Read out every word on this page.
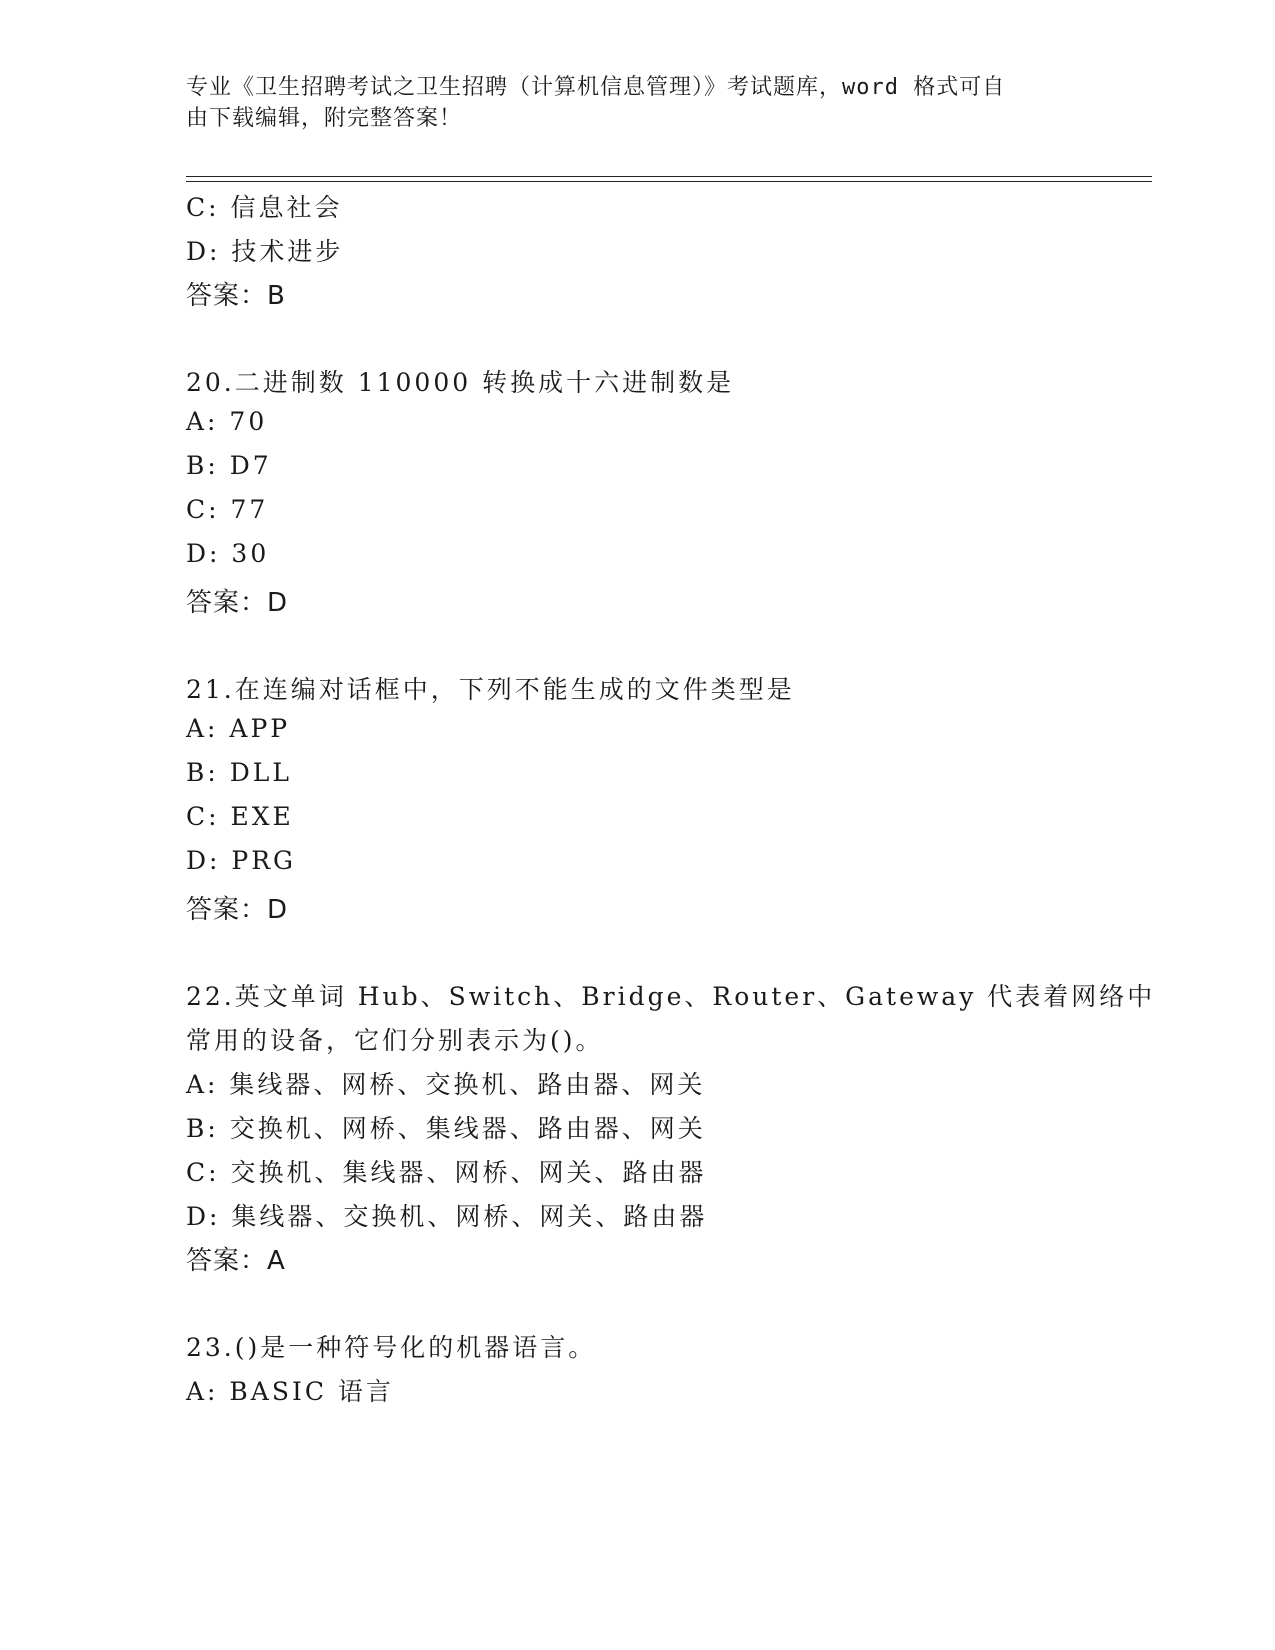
专业《卫生招聘考试之卫生招聘（计算机信息管理）》考试题库，word 格式可自
由下载编辑，附完整答案！
C: 信息社会
D: 技术进步
答案：B
20.二进制数 110000 转换成十六进制数是
A: 70
B: D7
C: 77
D: 30
答案：D
21.在连编对话框中，下列不能生成的文件类型是
A: APP
B: DLL
C: EXE
D: PRG
答案：D
22.英文单词 Hub、Switch、Bridge、Router、Gateway 代表着网络中
常用的设备，它们分别表示为()。
A: 集线器、网桥、交换机、路由器、网关
B: 交换机、网桥、集线器、路由器、网关
C: 交换机、集线器、网桥、网关、路由器
D: 集线器、交换机、网桥、网关、路由器
答案：A
23.()是一种符号化的机器语言。
A: BASIC 语言
